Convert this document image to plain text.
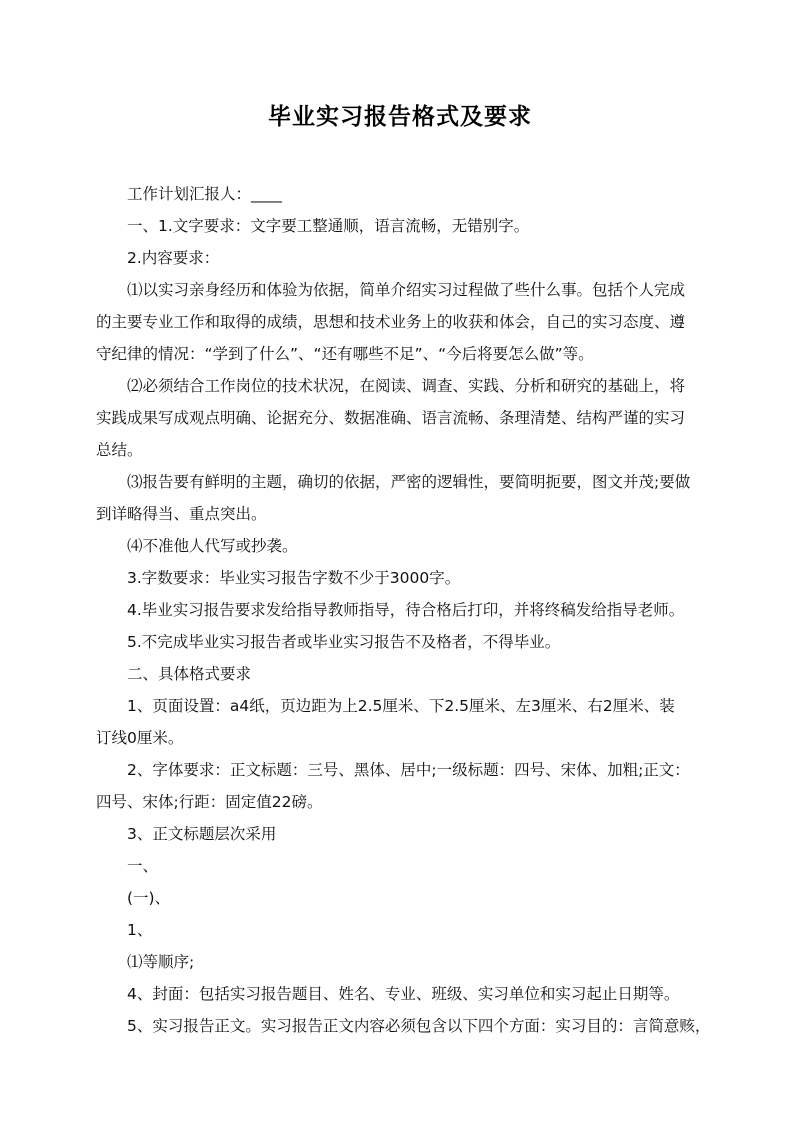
毕业实习报告格式及要求

工作计划汇报人：____

一、1.文字要求：文字要工整通顺，语言流畅，无错别字。

2.内容要求：

⑴以实习亲身经历和体验为依据，简单介绍实习过程做了些什么事。包括个人完成

的主要专业工作和取得的成绩，思想和技术业务上的收获和体会，自己的实习态度、遵

守纪律的情况：“学到了什么”、“还有哪些不足”、“今后将要怎么做”等。

⑵必须结合工作岗位的技术状况，在阅读、调查、实践、分析和研究的基础上，将

实践成果写成观点明确、论据充分、数据准确、语言流畅、条理清楚、结构严谨的实习

总结。

⑶报告要有鲜明的主题，确切的依据，严密的逻辑性，要简明扼要，图文并茂;要做

到详略得当、重点突出。

⑷不准他人代写或抄袭。

3.字数要求：毕业实习报告字数不少于3000字。

4.毕业实习报告要求发给指导教师指导，待合格后打印，并将终稿发给指导老师。

5.不完成毕业实习报告者或毕业实习报告不及格者，不得毕业。

二、具体格式要求

1、页面设置：a4纸，页边距为上2.5厘米、下2.5厘米、左3厘米、右2厘米、装

订线0厘米。

2、字体要求：正文标题：三号、黑体、居中;一级标题：四号、宋体、加粗;正文：

四号、宋体;行距：固定值22磅。

3、正文标题层次采用

一、

(一)、

1、

⑴等顺序;

4、封面：包括实习报告题目、姓名、专业、班级、实习单位和实习起止日期等。

5、实习报告正文。实习报告正文内容必须包含以下四个方面：实习目的：言简意赅，
